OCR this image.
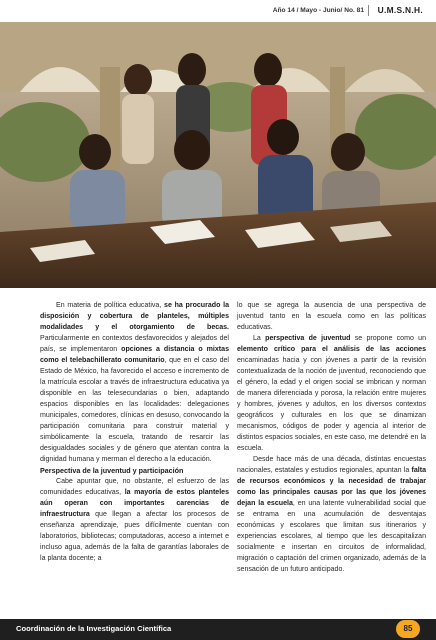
Año 14 / Mayo - Junio/ No. 81 U.M.S.N.H.

En materia de política educativa, se ha procurado la disposición y cobertura de planteles, múltiples modalidades y el otorgamiento de becas. Particularmente en contextos desfavorecidos y alejados del país, se implementaron opciones a distancia o mixtas como el telebachillerato comunitario, que en el caso del Estado de México, ha favorecido el acceso e incremento de la matrícula escolar a través de infraestructura educativa ya disponible en las telesecundarias o bien, adaptando espacios disponibles en las localidades: delegaciones municipales, comedores, clínicas en desuso, convocando la participación comunitaria para construir material y simbólicamente la escuela, tratando de resarcir las desigualdades sociales y de género que atentan contra la dignidad humana y merman el derecho a la educación.

Perspectiva de la juventud y participación

Cabe apuntar que, no obstante, el esfuerzo de las comunidades educativas, la mayoría de estos planteles aún operan con importantes carencias de infraestructura que llegan a afectar los procesos de enseñanza aprendizaje, pues difícilmente cuentan con laboratorios, bibliotecas; computadoras, acceso a internet e incluso agua, además de la falta de garantías laborales de la planta docente; a

lo que se agrega la ausencia de una perspectiva de juventud tanto en la escuela como en las políticas educativas.

La perspectiva de juventud se propone como un elemento crítico para el análisis de las acciones encaminadas hacia y con jóvenes a partir de la revisión contextualizada de la noción de juventud, reconociendo que el género, la edad y el origen social se imbrican y norman de manera diferenciada y porosa, la relación entre mujeres y hombres, jóvenes y adultos, en los diversos contextos geográficos y culturales en los que se dinamizan mecanismos, códigos de poder y agencia al interior de distintos espacios sociales, en este caso, me detendré en la escuela.

Desde hace más de una década, distintas encuestas nacionales, estatales y estudios regionales, apuntan la falta de recursos económicos y la necesidad de trabajar como las principales causas por las que los jóvenes dejan la escuela, en una latente vulnerabilidad social que se entrama en una acumulación de desventajas económicas y escolares que limitan sus itinerarios y experiencias escolares, al tiempo que les descapitalizan socialmente e insertan en circuitos de informalidad, migración o captación del crimen organizado, además de la sensación de un futuro anticipado.

Coordinación de la Investigación Científica	85
